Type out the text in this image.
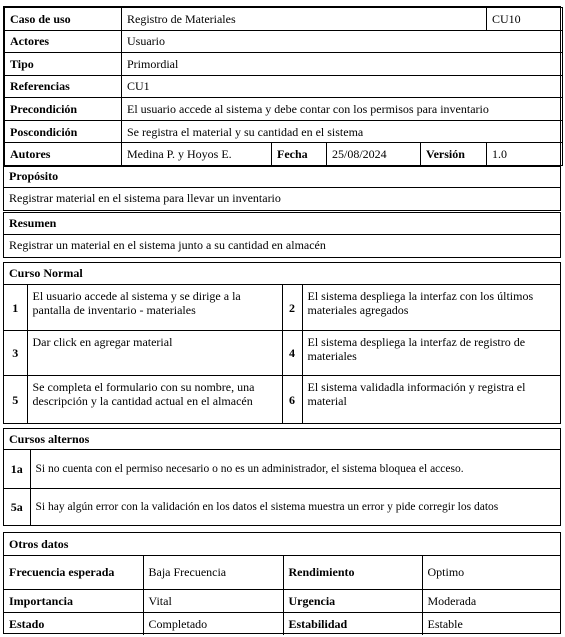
Caso de uso	Registro de Materiales				CU10
Actores	Usuario				
Tipo	Primordial				
Referencias	CU1				
Precondición	El usuario accede al sistema y debe contar con los permisos para inventario				
Poscondición	Se registra el material y su cantidad en el sistema				
Autores	Medina P. y Hoyos E.	Fecha	25/08/2024	Versión	1.0
Propósito
Registrar material en el sistema para llevar un inventario
Resumen
Registrar un material en el sistema junto a su cantidad en almacén
Curso Normal
1	El usuario accede al sistema y se dirige a la pantalla de inventario - materiales	2	El sistema despliega la interfaz con los últimos materiales agregados
3	Dar click en agregar material	4	El sistema despliega la interfaz de registro de materiales
5	Se completa el formulario con su nombre, una descripción y la cantidad actual en el almacén	6	El sistema validadla información y registra el material
Cursos alternos
1a	Si no cuenta con el permiso necesario o no es un administrador, el sistema bloquea el acceso.
5a	Si hay algún error con la validación en los datos el sistema muestra un error y pide corregir los datos
Otros datos
Frecuencia esperada	Baja Frecuencia	Rendimiento	Optimo
Importancia	Vital	Urgencia	Moderada
Estado	Completado	Estabilidad	Estable
